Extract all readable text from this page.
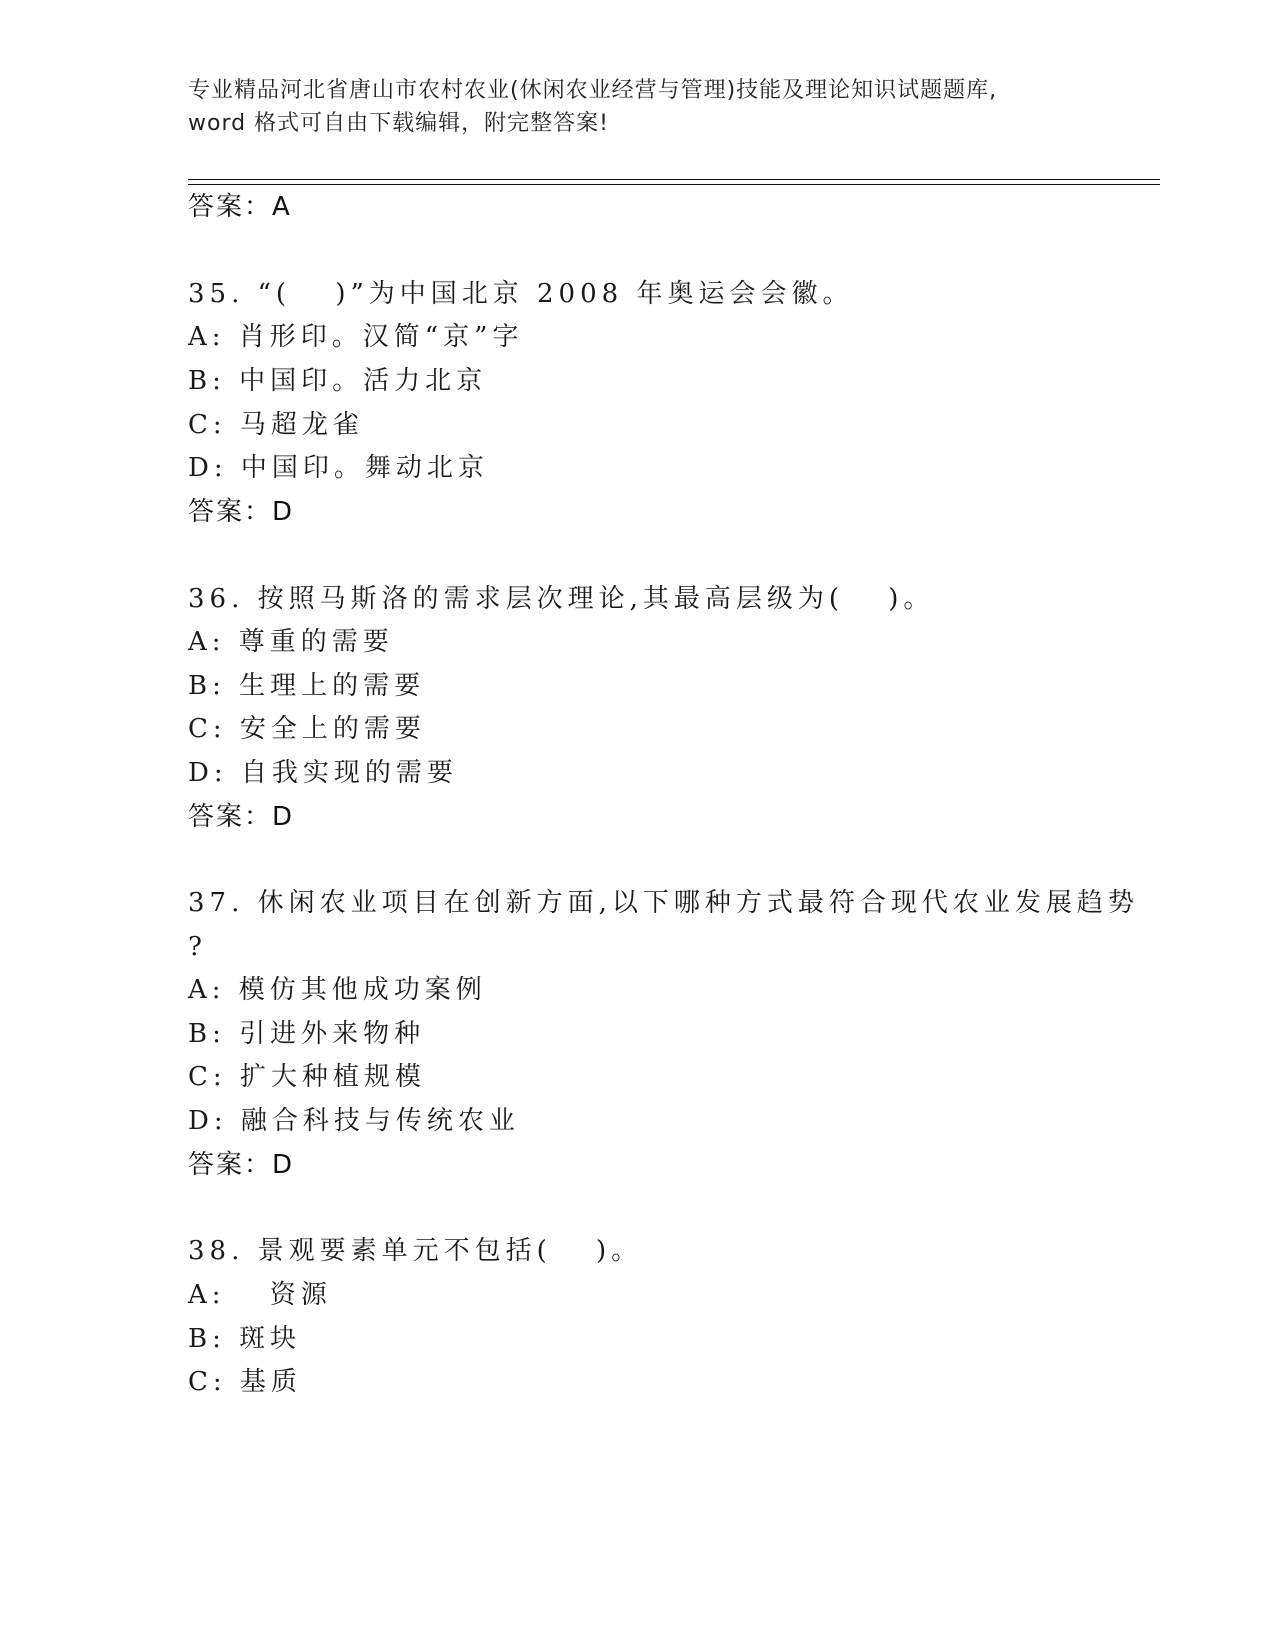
专业精品河北省唐山市农村农业(休闲农业经营与管理)技能及理论知识试题题库,
word 格式可自由下载编辑，附完整答案!
答案：A
35. “(　 )”为中国北京 2008 年奥运会会徽。
A: 肖形印。汉简“京”字
B: 中国印。活力北京
C: 马超龙雀
D: 中国印。舞动北京
答案：D
36. 按照马斯洛的需求层次理论,其最高层级为(　 )。
A: 尊重的需要
B: 生理上的需要
C: 安全上的需要
D: 自我实现的需要
答案：D
37. 休闲农业项目在创新方面,以下哪种方式最符合现代农业发展趋势
?
A: 模仿其他成功案例
B: 引进外来物种
C: 扩大种植规模
D: 融合科技与传统农业
答案：D
38. 景观要素单元不包括(　 )。
A:　 资源
B: 斑块
C: 基质
